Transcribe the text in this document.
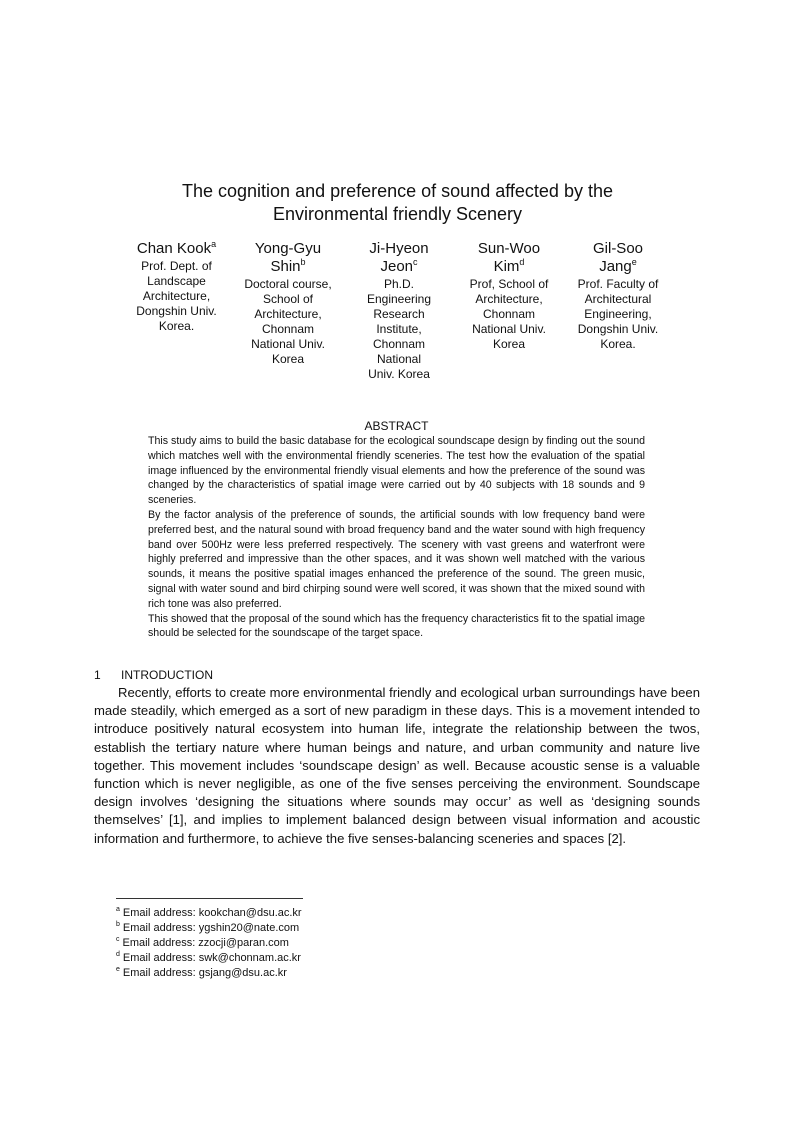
The cognition and preference of sound affected by the
Environmental friendly Scenery
Chan Kook$^a$
Prof. Dept. of
Landscape
Architecture,
Dongshin Univ.
Korea.
Yong-Gyu
Shin$^b$
Doctoral course,
School of
Architecture,
Chonnam
National Univ.
Korea
Ji-Hyeon
Jeon$^c$
Ph.D.
Engineering
Research
Institute,
Chonnam
National
Univ. Korea
Sun-Woo
Kim$^d$
Prof, School of
Architecture,
Chonnam
National Univ.
Korea
Gil-Soo
Jang$^e$
Prof. Faculty of
Architectural
Engineering,
Dongshin Univ.
Korea.
ABSTRACT

This study aims to build the basic database for the ecological soundscape design by finding out the sound which matches well with the environmental friendly sceneries. The test how the evaluation of the spatial image influenced by the environmental friendly visual elements and how the preference of the sound was changed by the characteristics of spatial image were carried out by 40 subjects with 18 sounds and 9 sceneries.

By the factor analysis of the preference of sounds, the artificial sounds with low frequency band were preferred best, and the natural sound with broad frequency band and the water sound with high frequency band over 500Hz were less preferred respectively. The scenery with vast greens and waterfront were highly preferred and impressive than the other spaces, and it was shown well matched with the various sounds, it means the positive spatial images enhanced the preference of the sound. The green music, signal with water sound and bird chirping sound were well scored, it was shown that the mixed sound with rich tone was also preferred.

This showed that the proposal of the sound which has the frequency characteristics fit to the spatial image should be selected for the soundscape of the target space.

1 INTRODUCTION

Recently, efforts to create more environmental friendly and ecological urban surroundings have been made steadily, which emerged as a sort of new paradigm in these days. This is a movement intended to introduce positively natural ecosystem into human life, integrate the relationship between the twos, establish the tertiary nature where human beings and nature, and urban community and nature live together. This movement includes ‘soundscape design’ as well. Because acoustic sense is a valuable function which is never negligible, as one of the five senses perceiving the environment. Soundscape design involves ‘designing the situations where sounds may occur’ as well as ‘designing sounds themselves’ [1], and implies to implement balanced design between visual information and acoustic information and furthermore, to achieve the five senses-balancing sceneries and spaces [2].

$^a$ Email address: kookchan@dsu.ac.kr
$^b$ Email address: ygshin20@nate.com
$^c$ Email address: zzocji@paran.com
$^d$ Email address: swk@chonnam.ac.kr
$^e$ Email address: gsjang@dsu.ac.kr
